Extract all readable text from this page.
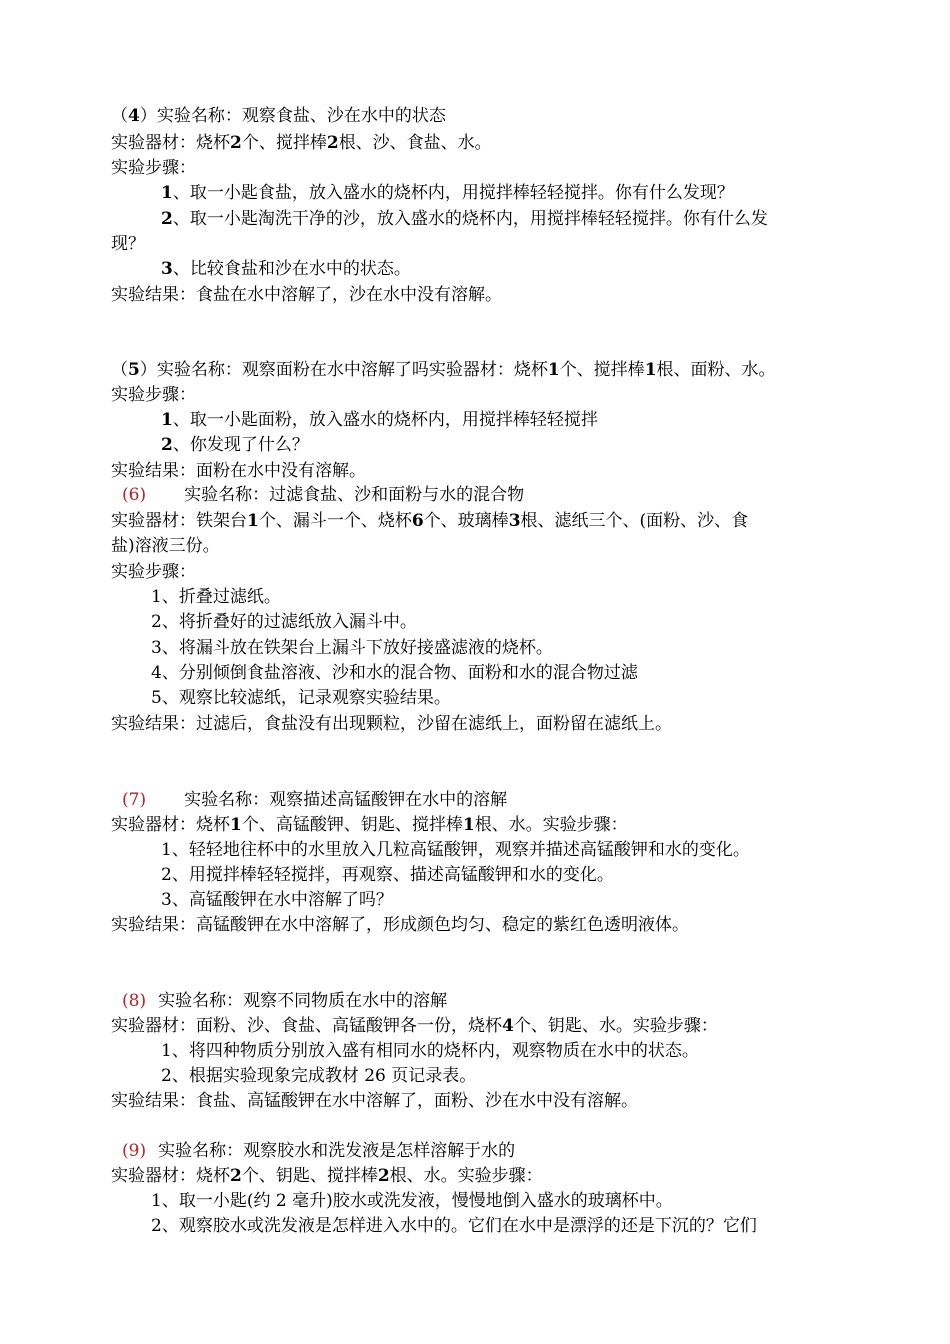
（4）实验名称：观察食盐、沙在水中的状态
实验器材：烧杯2个、搅拌棒2根、沙、食盐、水。
实验步骤：
1、取一小匙食盐，放入盛水的烧杯内，用搅拌棒轻轻搅拌。你有什么发现？
2、取一小匙淘洗干净的沙，放入盛水的烧杯内，用搅拌棒轻轻搅拌。你有什么发
现？
3、比较食盐和沙在水中的状态。
实验结果：食盐在水中溶解了，沙在水中没有溶解。
（5）实验名称：观察面粉在水中溶解了吗实验器材：烧杯1个、搅拌棒1根、面粉、水。
实验步骤：
1、取一小匙面粉，放入盛水的烧杯内，用搅拌棒轻轻搅拌
2、你发现了什么？
实验结果：面粉在水中没有溶解。
(6) 实验名称：过滤食盐、沙和面粉与水的混合物
实验器材：铁架台1个、漏斗一个、烧杯6个、玻璃棒3根、滤纸三个、(面粉、沙、食
盐)溶液三份。
实验步骤：
1、折叠过滤纸。
2、将折叠好的过滤纸放入漏斗中。
3、将漏斗放在铁架台上漏斗下放好接盛滤液的烧杯。
4、分别倾倒食盐溶液、沙和水的混合物、面粉和水的混合物过滤
5、观察比较滤纸，记录观察实验结果。
实验结果：过滤后，食盐没有出现颗粒，沙留在滤纸上，面粉留在滤纸上。
(7) 实验名称：观察描述高锰酸钾在水中的溶解
实验器材：烧杯1个、高锰酸钾、钥匙、搅拌棒1根、水。实验步骤：
1、轻轻地往杯中的水里放入几粒高锰酸钾，观察并描述高锰酸钾和水的变化。
2、用搅拌棒轻轻搅拌，再观察、描述高锰酸钾和水的变化。
3、高锰酸钾在水中溶解了吗？
实验结果：高锰酸钾在水中溶解了，形成颜色均匀、稳定的紫红色透明液体。
(8) 实验名称：观察不同物质在水中的溶解
实验器材：面粉、沙、食盐、高锰酸钾各一份，烧杯4个、钥匙、水。实验步骤：
1、将四种物质分别放入盛有相同水的烧杯内，观察物质在水中的状态。
2、根据实验现象完成教材 26 页记录表。
实验结果：食盐、高锰酸钾在水中溶解了，面粉、沙在水中没有溶解。
(9) 实验名称：观察胶水和洗发液是怎样溶解于水的
实验器材：烧杯2个、钥匙、搅拌棒2根、水。实验步骤：
1、取一小匙(约 2 毫升)胶水或洗发液，慢慢地倒入盛水的玻璃杯中。
2、观察胶水或洗发液是怎样进入水中的。它们在水中是漂浮的还是下沉的？它们
